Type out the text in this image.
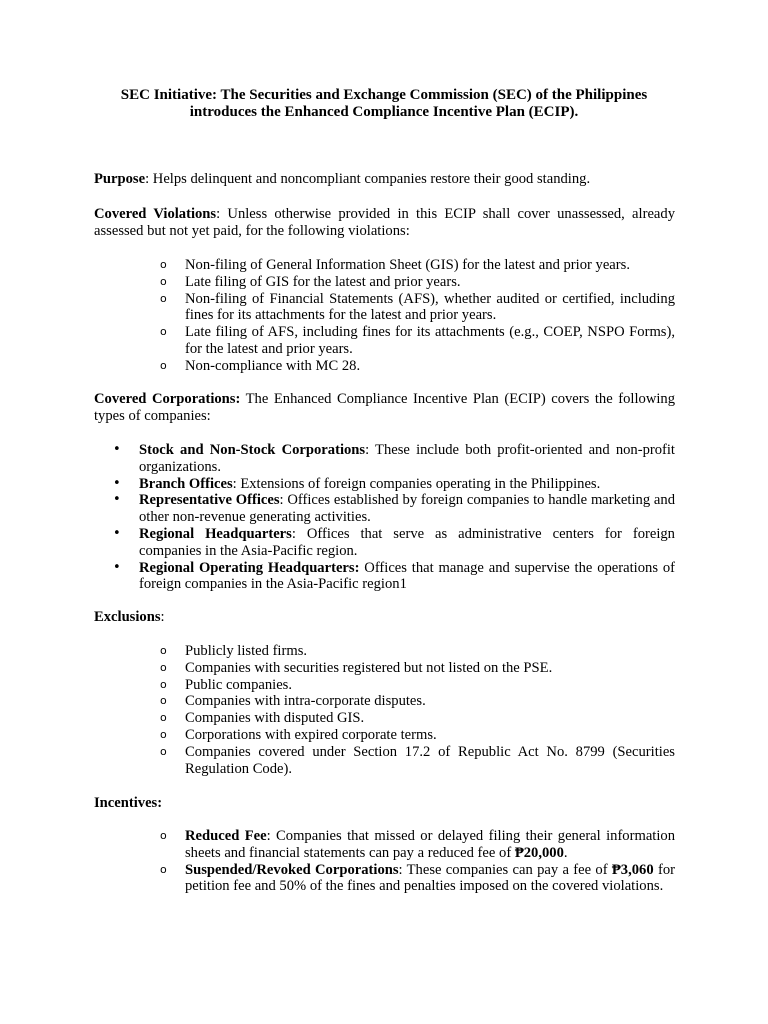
SEC Initiative: The Securities and Exchange Commission (SEC) of the Philippines
introduces the Enhanced Compliance Incentive Plan (ECIP).
Purpose: Helps delinquent and noncompliant companies restore their good standing.
Covered Violations: Unless otherwise provided in this ECIP shall cover unassessed, already assessed but not yet paid, for the following violations:
o Non-filing of General Information Sheet (GIS) for the latest and prior years.
o Late filing of GIS for the latest and prior years.
o Non-filing of Financial Statements (AFS), whether audited or certified, including fines for its attachments for the latest and prior years.
o Late filing of AFS, including fines for its attachments (e.g., COEP, NSPO Forms), for the latest and prior years.
o Non-compliance with MC 28.
Covered Corporations: The Enhanced Compliance Incentive Plan (ECIP) covers the following types of companies:
• Stock and Non-Stock Corporations: These include both profit-oriented and non-profit organizations.
• Branch Offices: Extensions of foreign companies operating in the Philippines.
• Representative Offices: Offices established by foreign companies to handle marketing and other non-revenue generating activities.
• Regional Headquarters: Offices that serve as administrative centers for foreign companies in the Asia-Pacific region.
• Regional Operating Headquarters: Offices that manage and supervise the operations of foreign companies in the Asia-Pacific region1
Exclusions:
o Publicly listed firms.
o Companies with securities registered but not listed on the PSE.
o Public companies.
o Companies with intra-corporate disputes.
o Companies with disputed GIS.
o Corporations with expired corporate terms.
o Companies covered under Section 17.2 of Republic Act No. 8799 (Securities Regulation Code).
Incentives:
o Reduced Fee: Companies that missed or delayed filing their general information sheets and financial statements can pay a reduced fee of ₱20,000.
o Suspended/Revoked Corporations: These companies can pay a fee of ₱3,060 for petition fee and 50% of the fines and penalties imposed on the covered violations.
